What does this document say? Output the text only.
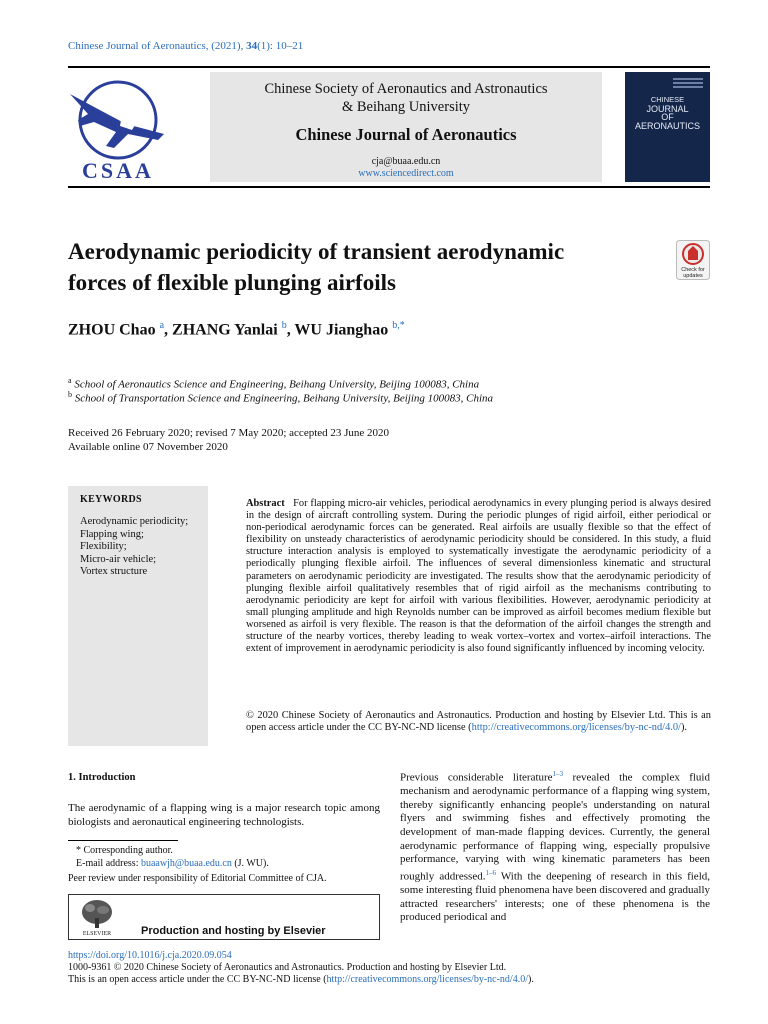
Chinese Journal of Aeronautics, (2021), 34(1): 10–21
CSAA
Chinese Society of Aeronautics and Astronautics
& Beihang University
Chinese Journal of Aeronautics
cja@buaa.edu.cn
www.sciencedirect.com
CHINESE
JOURNAL
OF
AERONAUTICS
Aerodynamic periodicity of transient aerodynamic
forces of flexible plunging airfoils	Check for
updates
ZHOU Chao $^a$, ZHANG Yanlai $^b$, WU Jianghao $^{b,*}$
$^a$ School of Aeronautics Science and Engineering, Beihang University, Beijing 100083, China
$^b$ School of Transportation Science and Engineering, Beihang University, Beijing 100083, China
Received 26 February 2020; revised 7 May 2020; accepted 23 June 2020
Available online 07 November 2020
KEYWORDS
Aerodynamic periodicity;
Flapping wing;
Flexibility;
Micro-air vehicle;
Vortex structure
Abstract For flapping micro-air vehicles, periodical aerodynamics in every plunging period is always desired in the design of aircraft controlling system. During the periodic plunges of rigid airfoil, either periodical or non-periodical aerodynamic forces can be generated. Real airfoils are usually flexible so that the effect of flexibility on unsteady characteristics of aerodynamic periodicity should be considered. In this study, a fluid structure interaction analysis is employed to systematically investigate the aerodynamic periodicity of a periodically plunging flexible airfoil. The influences of several dimensionless kinematic and structural parameters on aerodynamic periodicity are investigated. The results show that the aerodynamic periodicity of plunging flexible airfoil qualitatively resembles that of rigid airfoil as the mechanisms contributing to aerodynamic periodicity are kept for airfoil with various flexibilities. However, aerodynamic periodicity at small plunging amplitude and high Reynolds number can be improved as airfoil becomes medium flexible but worsened as airfoil is very flexible. The reason is that the deformation of the airfoil changes the strength and structure of the nearby vortices, thereby leading to weak vortex–vortex and vortex–airfoil interactions. The extent of improvement in aerodynamic periodicity is also found significantly influenced by incoming velocity.
© 2020 Chinese Society of Aeronautics and Astronautics. Production and hosting by Elsevier Ltd. This is an open access article under the CC BY-NC-ND license (http://creativecommons.org/licenses/by-nc-nd/4.0/).
1. Introduction
The aerodynamic of a flapping wing is a major research topic among biologists and aeronautical engineering technologists.
* Corresponding author.
E-mail address: buaawjh@buaa.edu.cn (J. WU).
Peer review under responsibility of Editorial Committee of CJA.
ELSEVIER	Production and hosting by Elsevier
Previous considerable literature$^{1-3}$ revealed the complex fluid mechanism and aerodynamic performance of a flapping wing system, thereby significantly enhancing people's understanding on natural flyers and swimming fishes and effectively promoting the development of man-made flapping devices. Currently, the general aerodynamic performance of flapping wing, especially propulsive performance, varying with wing kinematic parameters has been roughly addressed.$^{1-6}$ With the deepening of research in this field, some interesting fluid phenomena have been discovered and gradually attracted researchers' interests; one of these phenomena is the produced periodical and
https://doi.org/10.1016/j.cja.2020.09.054
1000-9361 © 2020 Chinese Society of Aeronautics and Astronautics. Production and hosting by Elsevier Ltd.
This is an open access article under the CC BY-NC-ND license (http://creativecommons.org/licenses/by-nc-nd/4.0/).
